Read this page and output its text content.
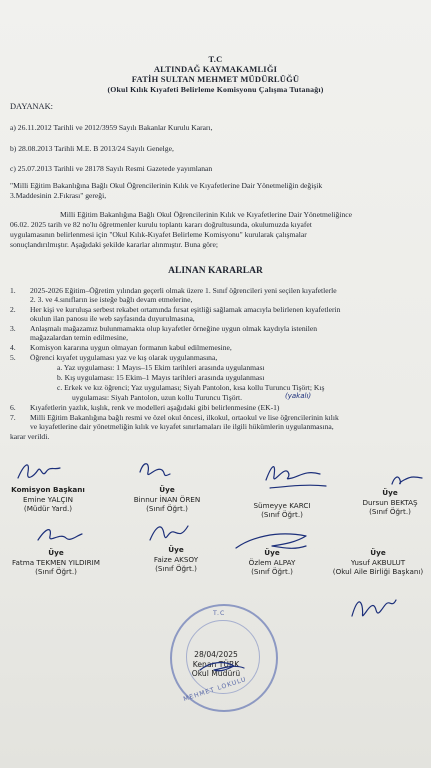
T.C
ALTINDAĞ KAYMAKAMLIĞI
FATİH SULTAN MEHMET MÜDÜRLÜĞÜ
(Okul Kılık Kıyafeti Belirleme Komisyonu Çalışma Tutanağı)
DAYANAK:
a) 26.11.2012 Tarihli ve 2012/3959 Sayılı Bakanlar Kurulu Kararı,
b) 28.08.2013 Tarihli M.E. B 2013/24 Sayılı Genelge,
c) 25.07.2013 Tarihli ve 28178 Sayılı Resmi Gazetede yayımlanan
"Milli Eğitim Bakanlığına Bağlı Okul Öğrencilerinin Kılık ve Kıyafetlerine Dair Yönetmeliğin değişik
3.Maddesinin 2.Fıkrası" gereği,
Milli Eğitim Bakanlığına Bağlı Okul Öğrencilerinin Kılık ve Kıyafetlerine Dair Yönetmeliğince
06.02. 2025 tarih ve 82 no'lu öğretmenler kurulu toplantı kararı doğrultusunda, okulumuzda kıyafet
uygulamasının belirlenmesi için "Okul Kılık-Kıyafet Belirleme Komisyonu" kurularak çalışmalar
sonuçlandırılmıştır. Aşağıdaki şekilde kararlar alınmıştır. Buna göre;
ALINAN KARARLAR
1. 2025-2026 Eğitim–Öğretim yılından geçerli olmak üzere 1. Sınıf öğrencileri yeni seçilen kıyafetlerle
2. 3. ve 4.sınıfların ise isteğe bağlı devam etmelerine,
2. Her kişi ve kuruluşa serbest rekabet ortamında fırsat eşitliği sağlamak amacıyla belirlenen kıyafetlerin
okulun ilan panosu ile web sayfasında duyurulmasına,
3. Anlaşmalı mağazamız bulunmamakta olup kıyafetler örneğine uygun olmak kaydıyla istenilen
mağazalardan temin edilmesine,
4. Komisyon kararına uygun olmayan formanın kabul edilmemesine,
5. Öğrenci kıyafet uygulaması yaz ve kış olarak uygulanmasına,
a. Yaz uygulaması: 1 Mayıs–15 Ekim tarihleri arasında uygulanması
b. Kış uygulaması: 15 Ekim–1 Mayıs tarihleri arasında uygulanması
c. Erkek ve kız öğrenci; Yaz uygulaması; Siyah Pantolon, kısa kollu Turuncu Tişört; Kış
uygulaması: Siyah Pantolon, uzun kollu Turuncu Tişört.	(yakalı)
6. Kıyafetlerin yazlık, kışlık, renk ve modelleri aşağıdaki gibi belirlenmesine (EK-1)
7. Milli Eğitim Bakanlığına bağlı resmi ve özel okul öncesi, ilkokul, ortaokul ve lise öğrencilerinin kılık
ve kıyafetlerine dair yönetmeliğin kılık ve kıyafet sınırlamaları ile ilgili hükümlerin uygulanmasına,
karar verildi.
Komisyon Başkanı
Emine YALÇIN
(Müdür Yard.)
Üye
Binnur İNAN ÖREN
(Sınıf Öğrt.)	Sümeyye KARCI
(Sınıf Öğrt.)
Üye
Dursun BEKTAŞ
(Sınıf Öğrt.)
Üye
Fatma TEKMEN YILDIRIM
(Sınıf Öğrt.)
Üye
Faize AKSOY
(Sınıf Öğrt.)
Üye
Özlem ALPAY
(Sınıf Öğrt.)
Üye
Yusuf AKBULUT
(Okul Aile Birliği Başkanı)
T.C
MEHMET LOKULU
28/04/2025
Kenan TÜRK
Okul Müdürü
